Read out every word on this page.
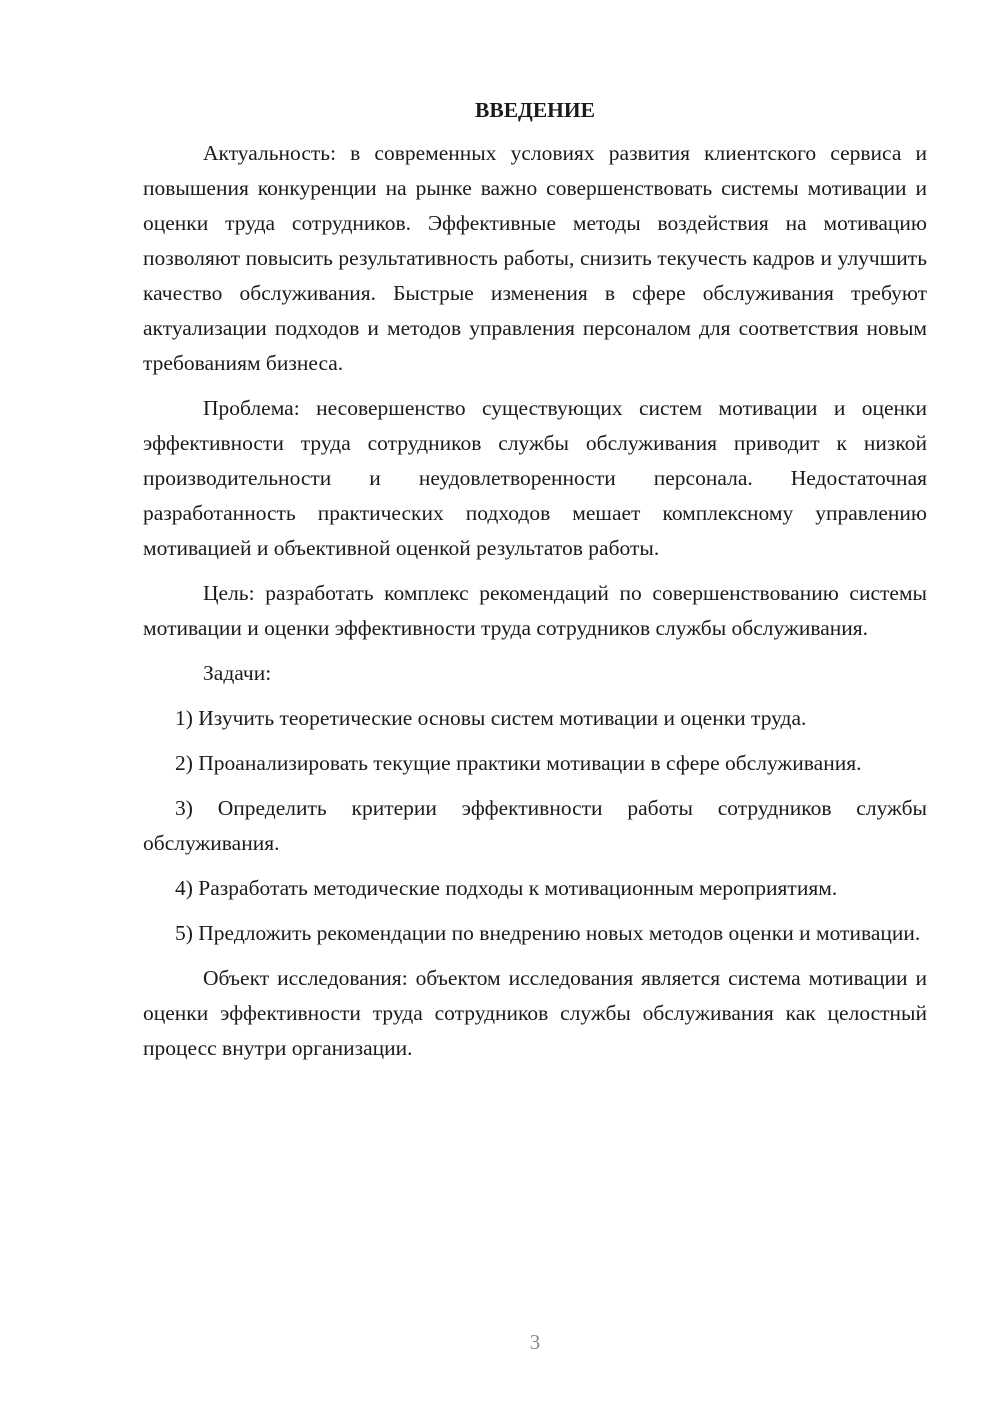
ВВЕДЕНИЕ

Актуальность: в современных условиях развития клиентского сервиса и повышения конкуренции на рынке важно совершенствовать системы мотивации и оценки труда сотрудников. Эффективные методы воздействия на мотивацию позволяют повысить результативность работы, снизить текучесть кадров и улучшить качество обслуживания. Быстрые изменения в сфере обслуживания требуют актуализации подходов и методов управления персоналом для соответствия новым требованиям бизнеса.

Проблема: несовершенство существующих систем мотивации и оценки эффективности труда сотрудников службы обслуживания приводит к низкой производительности и неудовлетворенности персонала. Недостаточная разработанность практических подходов мешает комплексному управлению мотивацией и объективной оценкой результатов работы.

Цель: разработать комплекс рекомендаций по совершенствованию системы мотивации и оценки эффективности труда сотрудников службы обслуживания.

Задачи:

1) Изучить теоретические основы систем мотивации и оценки труда.

2) Проанализировать текущие практики мотивации в сфере обслуживания.

3) Определить критерии эффективности работы сотрудников службы обслуживания.

4) Разработать методические подходы к мотивационным мероприятиям.

5) Предложить рекомендации по внедрению новых методов оценки и мотивации.

Объект исследования: объектом исследования является система мотивации и оценки эффективности труда сотрудников службы обслуживания как целостный процесс внутри организации.

3
